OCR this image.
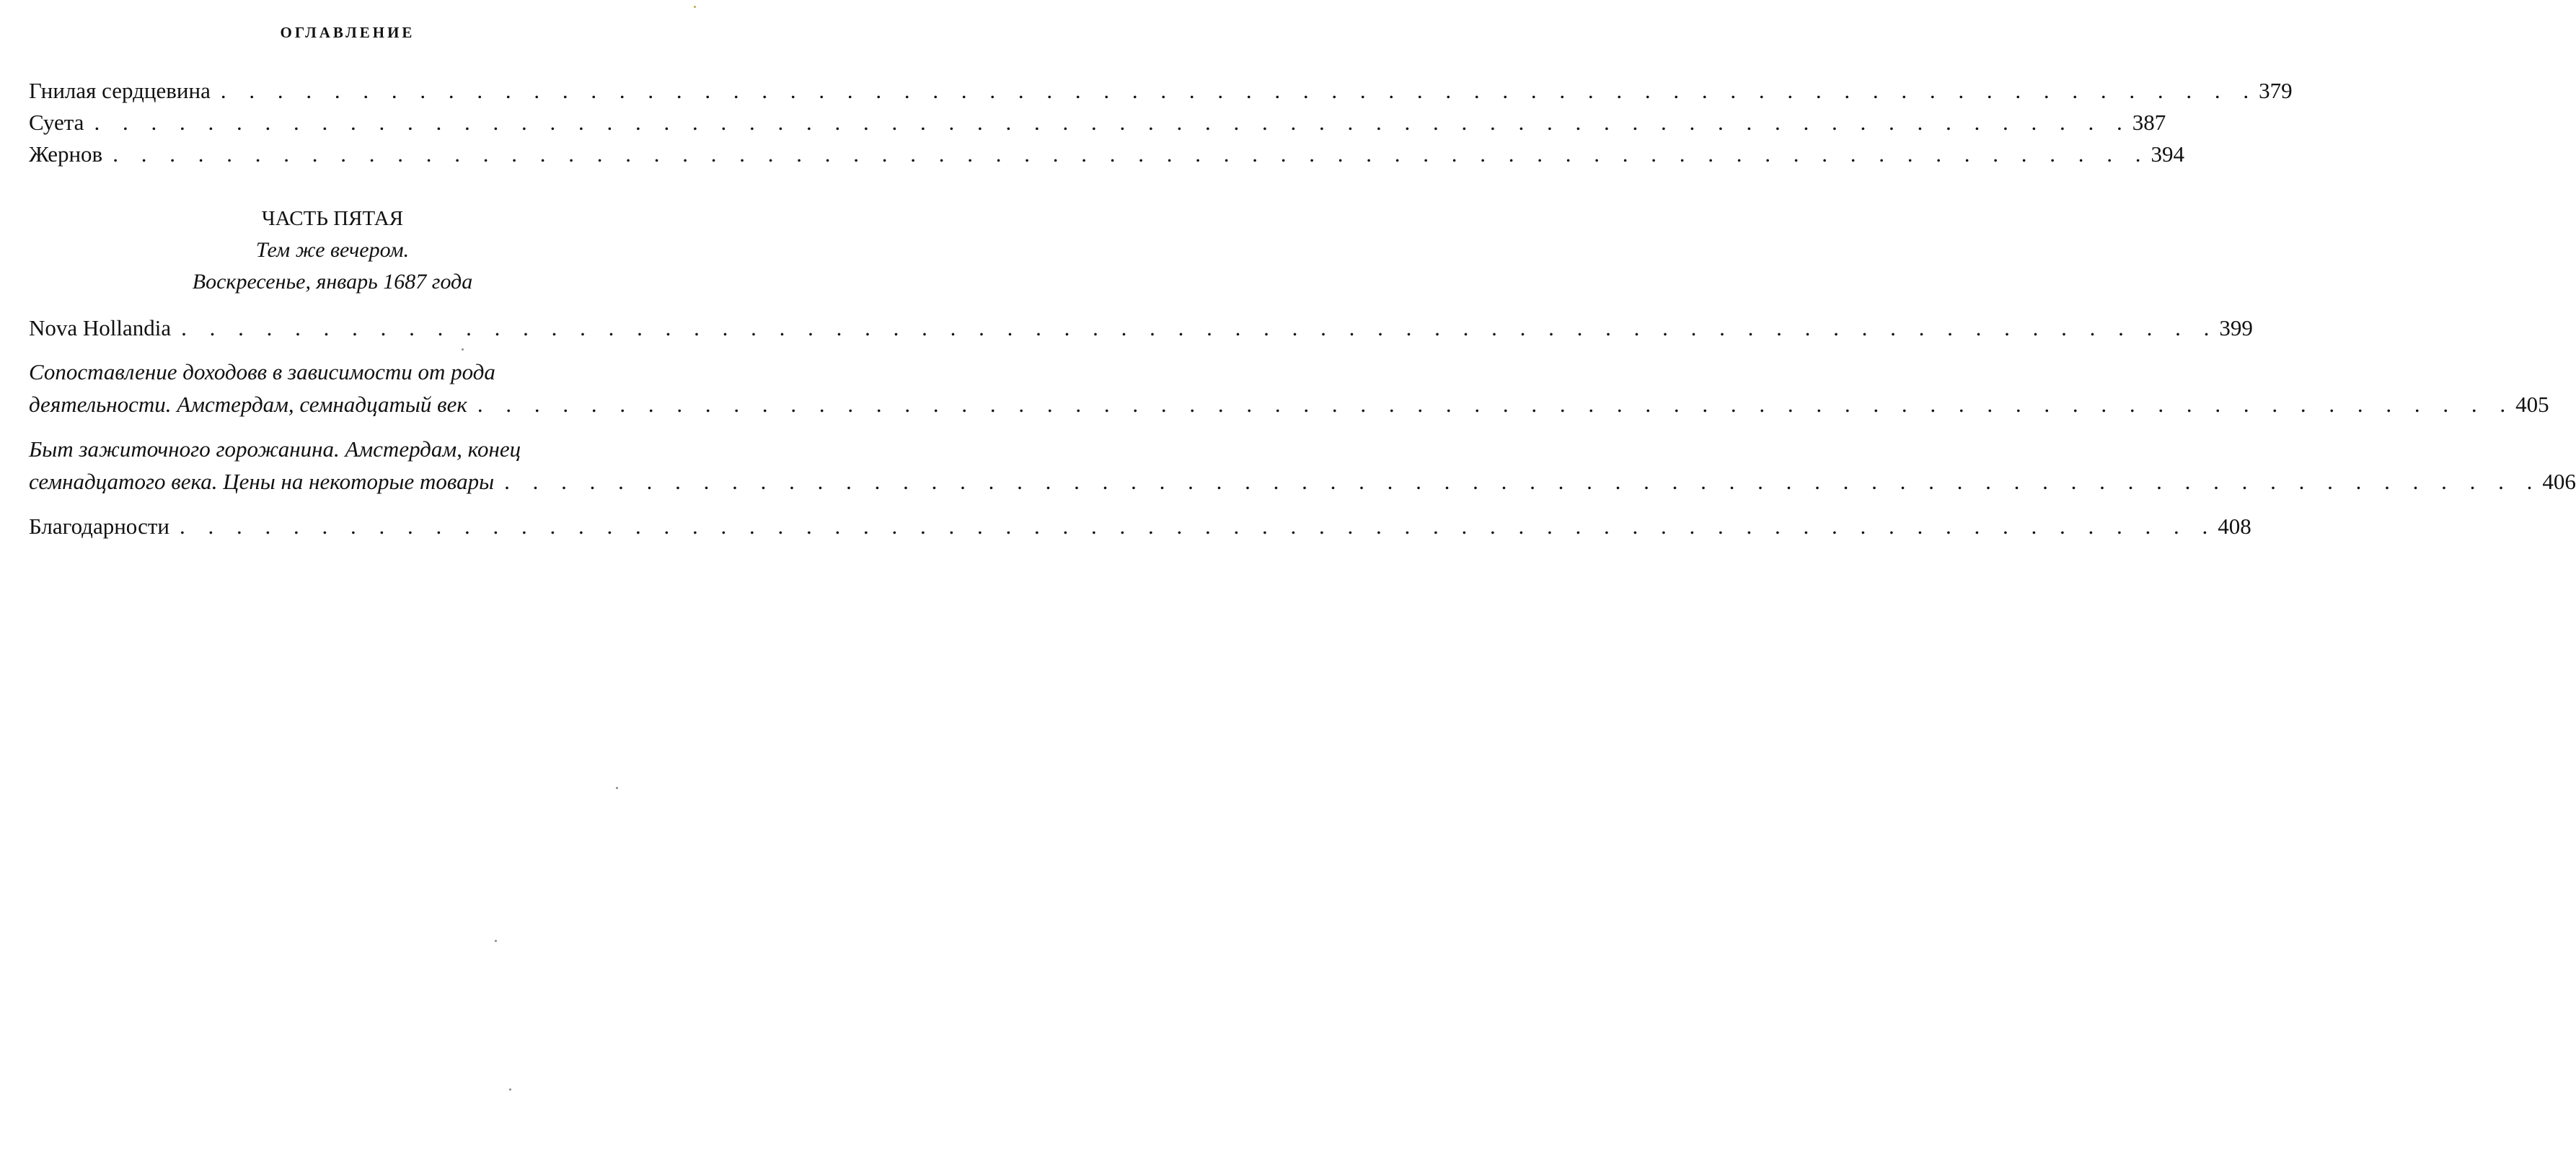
ОГЛАВЛЕНИЕ
Гнилая сердцевина . . . . . . . . . . . . . . . . . . . . . . . . . . . . . . . . . . . . . . . . . . . . . . . . . . . . . . . . . . . . . . . . . . . . . . . . 379
Суета . . . . . . . . . . . . . . . . . . . . . . . . . . . . . . . . . . . . . . . . . . . . . . . . . . . . . . . . . . . . . . . . . . . . . . . . 387
Жернов . . . . . . . . . . . . . . . . . . . . . . . . . . . . . . . . . . . . . . . . . . . . . . . . . . . . . . . . . . . . . . . . . . . . . . . . 394
ЧАСТЬ ПЯТАЯ
Тем же вечером.
Воскресенье, январь 1687 года
Nova Hollandia . . . . . . . . . . . . . . . . . . . . . . . . . . . . . . . . . . . . . . . . . . . . . . . . . . . . . . . . . . . . . . . . . . . . . . . . 399
Сопоставление доходовв в зависимости от рода
деятельности. Амстердам, семнадцатый век . . . . . . . . . . . . . . . . . . . . . . . . . . . . . . . . . . . . . . . . . . . . . . . . . . . . . . . . . . . . . . . . . . . . . . . . 405
Быт зажиточного горожанина. Амстердам, конец
семнадцатого века. Цены на некоторые товары . . . . . . . . . . . . . . . . . . . . . . . . . . . . . . . . . . . . . . . . . . . . . . . . . . . . . . . . . . . . . . . . . . . . . . . . 406
Благодарности . . . . . . . . . . . . . . . . . . . . . . . . . . . . . . . . . . . . . . . . . . . . . . . . . . . . . . . . . . . . . . . . . . . . . . . . 408
